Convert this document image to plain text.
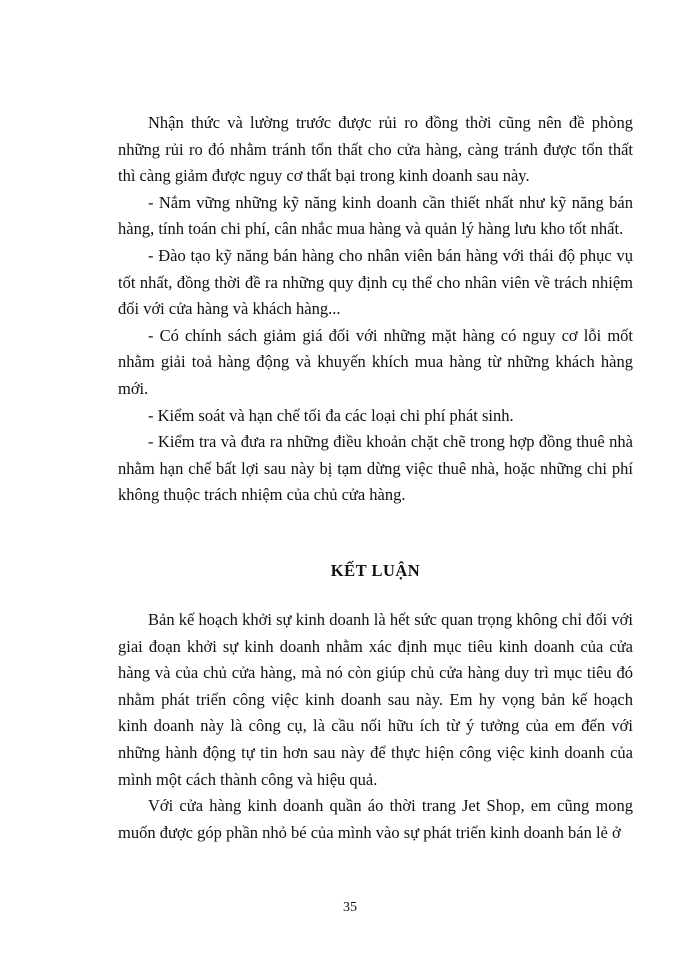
Nhận thức và lường trước được rủi ro đồng thời cũng nên đề phòng những rủi ro đó nhằm tránh tổn thất cho cửa hàng, càng tránh được tổn thất thì càng giảm được nguy cơ thất bại trong kinh doanh sau này.

- Nắm vững những kỹ năng kinh doanh cần thiết nhất như kỹ năng bán hàng, tính toán chi phí, cân nhắc mua hàng và quản lý hàng lưu kho tốt nhất.

- Đào tạo kỹ năng bán hàng cho nhân viên bán hàng với thái độ phục vụ tốt nhất, đồng thời đề ra những quy định cụ thể cho nhân viên về trách nhiệm đối với cửa hàng và khách hàng...

- Có chính sách giảm giá đối với những mặt hàng có nguy cơ lỗi mốt nhằm giải toả hàng động và khuyến khích mua hàng từ những khách hàng mới.

- Kiểm soát và hạn chế tối đa các loại chi phí phát sinh.

- Kiểm tra và đưa ra những điều khoản chặt chẽ trong hợp đồng thuê nhà nhằm hạn chế bất lợi sau này bị tạm dừng việc thuê nhà, hoặc những chi phí không thuộc trách nhiệm của chủ cửa hàng.

KẾT LUẬN

Bản kế hoạch khởi sự kinh doanh là hết sức quan trọng không chỉ đối với giai đoạn khởi sự kinh doanh nhằm xác định mục tiêu kinh doanh của cửa hàng và của chủ cửa hàng, mà nó còn giúp chủ cửa hàng duy trì mục tiêu đó nhằm phát triển công việc kinh doanh sau này. Em hy vọng bản kế hoạch kinh doanh này là công cụ, là cầu nối hữu ích từ ý tưởng của em đến với những hành động tự tin hơn sau này để thực hiện công việc kinh doanh của mình một cách thành công và hiệu quả.

Với cửa hàng kinh doanh quần áo thời trang Jet Shop, em cũng mong muốn được góp phần nhỏ bé của mình vào sự phát triển kinh doanh bán lẻ ở

35
